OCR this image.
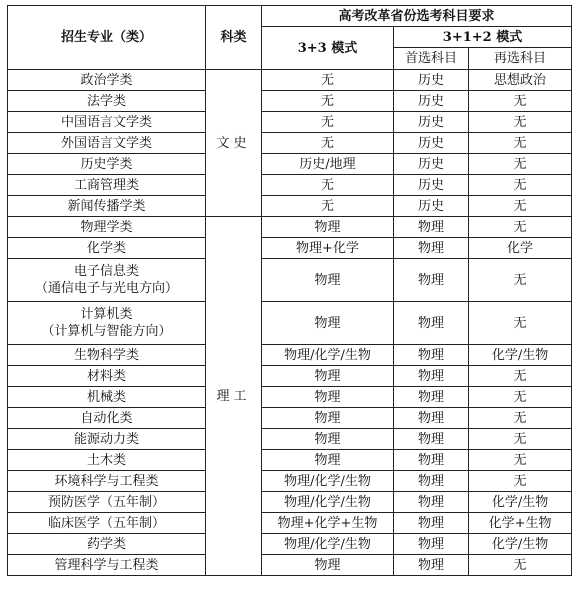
招生专业（类）	科类	高考改革省份选考科目要求		
		3+3 模式	3+1+2 模式	
			首选科目	再选科目

政治学类	文史	无	历史	思想政治

法学类		无	历史	无

中国语言文学类		无	历史	无

外国语言文学类		无	历史	无

历史学类		历史/地理	历史	无

工商管理类		无	历史	无

新闻传播学类		无	历史	无

物理学类	理工	物理	物理	无

化学类		物理+化学	物理	化学

电子信息类
（通信电子与光电方向）		物理	物理	无

计算机类
（计算机与智能方向）		物理	物理	无

生物科学类		物理/化学/生物	物理	化学/生物

材料类		物理	物理	无

机械类		物理	物理	无

自动化类		物理	物理	无

能源动力类		物理	物理	无

土木类		物理	物理	无

环境科学与工程类		物理/化学/生物	物理	无

预防医学（五年制）		物理/化学/生物	物理	化学/生物

临床医学（五年制）		物理+化学+生物	物理	化学+生物

药学类		物理/化学/生物	物理	化学/生物

管理科学与工程类		物理	物理	无
